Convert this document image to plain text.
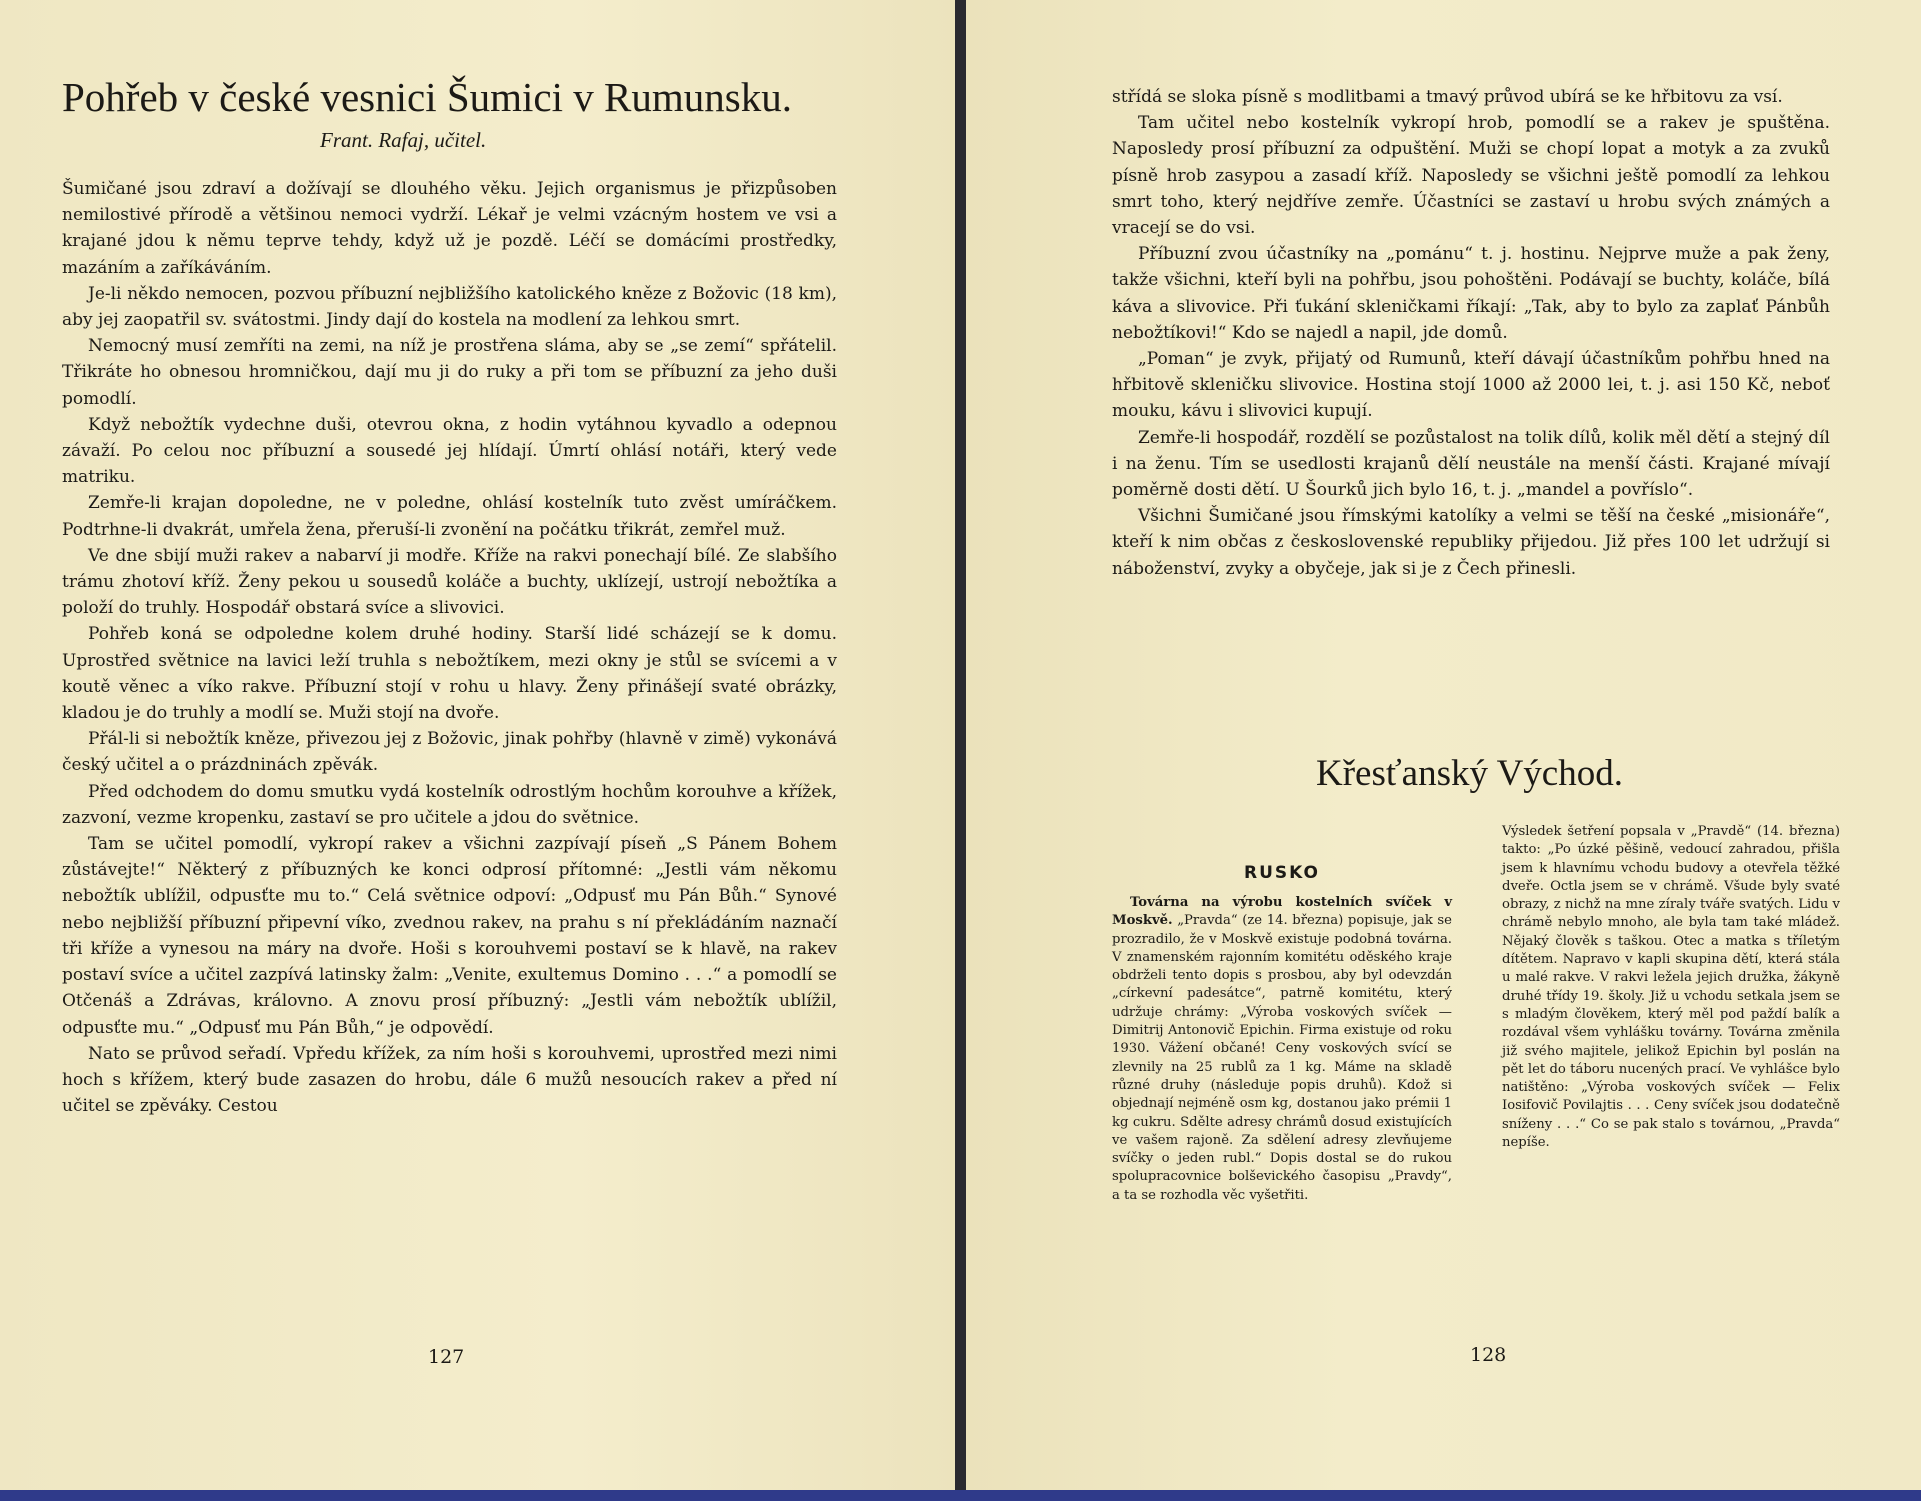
Pohřeb v české vesnici Šumici v Rumunsku.
Frant. Rafaj, učitel.

Šumičané jsou zdraví a dožívají se dlouhého věku. Jejich organismus je přizpůsoben nemilostivé přírodě a většinou nemoci vydrží. Lékař je velmi vzácným hostem ve vsi a krajané jdou k němu teprve tehdy, když už je pozdě. Léčí se domácími prostředky, mazáním a zaříkáváním.

Je-li někdo nemocen, pozvou příbuzní nejbližšího katolického kněze z Božovic (18 km), aby jej zaopatřil sv. svátostmi. Jindy dají do kostela na modlení za lehkou smrt.

Nemocný musí zemříti na zemi, na níž je prostřena sláma, aby se „se zemí“ spřátelil. Třikráte ho obnesou hromničkou, dají mu ji do ruky a při tom se příbuzní za jeho duši pomodlí.

Když nebožtík vydechne duši, otevrou okna, z hodin vytáhnou kyvadlo a odepnou závaží. Po celou noc příbuzní a sousedé jej hlídají. Úmrtí ohlásí notáři, který vede matriku.

Zemře-li krajan dopoledne, ne v poledne, ohlásí kostelník tuto zvěst umíráčkem. Podtrhne-li dvakrát, umřela žena, přeruší-li zvonění na počátku třikrát, zemřel muž.

Ve dne sbijí muži rakev a nabarví ji modře. Kříže na rakvi ponechají bílé. Ze slabšího trámu zhotoví kříž. Ženy pekou u sousedů koláče a buchty, uklízejí, ustrojí nebožtíka a položí do truhly. Hospodář obstará svíce a slivovici.

Pohřeb koná se odpoledne kolem druhé hodiny. Starší lidé scházejí se k domu. Uprostřed světnice na lavici leží truhla s nebožtíkem, mezi okny je stůl se svícemi a v koutě věnec a víko rakve. Příbuzní stojí v rohu u hlavy. Ženy přinášejí svaté obrázky, kladou je do truhly a modlí se. Muži stojí na dvoře.

Přál-li si nebožtík kněze, přivezou jej z Božovic, jinak pohřby (hlavně v zimě) vykonává český učitel a o prázdninách zpěvák.

Před odchodem do domu smutku vydá kostelník odrostlým hochům korouhve a křížek, zazvoní, vezme kropenku, zastaví se pro učitele a jdou do světnice.

Tam se učitel pomodlí, vykropí rakev a všichni zazpívají píseň „S Pánem Bohem zůstávejte!“ Některý z příbuzných ke konci odprosí přítomné: „Jestli vám někomu nebožtík ublížil, odpusťte mu to.“ Celá světnice odpoví: „Odpusť mu Pán Bůh.“ Synové nebo nejbližší příbuzní připevní víko, zvednou rakev, na prahu s ní překládáním naznačí tři kříže a vynesou na máry na dvoře. Hoši s korouhvemi postaví se k hlavě, na rakev postaví svíce a učitel zazpívá latinsky žalm: „Venite, exultemus Domino . . .“ a pomodlí se Otčenáš a Zdrávas, královno. A znovu prosí příbuzný: „Jestli vám nebožtík ublížil, odpusťte mu.“ „Odpusť mu Pán Bůh,“ je odpovědí.

Nato se průvod seřadí. Vpředu křížek, za ním hoši s korouhvemi, uprostřed mezi nimi hoch s křížem, který bude zasazen do hrobu, dále 6 mužů nesoucích rakev a před ní učitel se zpěváky. Cestou

127

střídá se sloka písně s modlitbami a tmavý průvod ubírá se ke hřbitovu za vsí.

Tam učitel nebo kostelník vykropí hrob, pomodlí se a rakev je spuštěna. Naposledy prosí příbuzní za odpuštění. Muži se chopí lopat a motyk a za zvuků písně hrob zasypou a zasadí kříž. Naposledy se všichni ještě pomodlí za lehkou smrt toho, který nejdříve zemře. Účastníci se zastaví u hrobu svých známých a vracejí se do vsi.

Příbuzní zvou účastníky na „pománu“ t. j. hostinu. Nejprve muže a pak ženy, takže všichni, kteří byli na pohřbu, jsou pohoštěni. Podávají se buchty, koláče, bílá káva a slivovice. Při ťukání skleničkami říkají: „Tak, aby to bylo za zaplať Pánbůh nebožtíkovi!“ Kdo se najedl a napil, jde domů.

„Poman“ je zvyk, přijatý od Rumunů, kteří dávají účastníkům pohřbu hned na hřbitově skleničku slivovice. Hostina stojí 1000 až 2000 lei, t. j. asi 150 Kč, neboť mouku, kávu i slivovici kupují.

Zemře-li hospodář, rozdělí se pozůstalost na tolik dílů, kolik měl dětí a stejný díl i na ženu. Tím se usedlosti krajanů dělí neustále na menší části. Krajané mívají poměrně dosti dětí. U Šourků jich bylo 16, t. j. „mandel a povříslo“.

Všichni Šumičané jsou římskými katolíky a velmi se těší na české „misionáře“, kteří k nim občas z československé republiky přijedou. Již přes 100 let udržují si náboženství, zvyky a obyčeje, jak si je z Čech přinesli.

Křesťanský Východ.
RUSKO

Továrna na výrobu kostelních svíček v Moskvě. „Pravda“ (ze 14. března) popisuje, jak se prozradilo, že v Moskvě existuje podobná továrna. V znamenském rajonním komitétu oděského kraje obdrželi tento dopis s prosbou, aby byl odevzdán „církevní padesátce“, patrně komitétu, který udržuje chrámy: „Výroba voskových svíček — Dimitrij Antonovič Epichin. Firma existuje od roku 1930. Vážení občané! Ceny voskových svící se zlevnily na 25 rublů za 1 kg. Máme na skladě různé druhy (následuje popis druhů). Kdož si objednají nejméně osm kg, dostanou jako prémii 1 kg cukru. Sdělte adresy chrámů dosud existujících ve vašem rajoně. Za sdělení adresy zlevňujeme svíčky o jeden rubl.“ Dopis dostal se do rukou spolupracovnice bolševického časopisu „Pravdy“, a ta se rozhodla věc vyšetřiti.

Výsledek šetření popsala v „Pravdě“ (14. března) takto: „Po úzké pěšině, vedoucí zahradou, přišla jsem k hlavnímu vchodu budovy a otevřela těžké dveře. Octla jsem se v chrámě. Všude byly svaté obrazy, z nichž na mne zíraly tváře svatých. Lidu v chrámě nebylo mnoho, ale byla tam také mládež. Nějaký člověk s taškou. Otec a matka s tříletým dítětem. Napravo v kapli skupina dětí, která stála u malé rakve. V rakvi ležela jejich družka, žákyně druhé třídy 19. školy. Již u vchodu setkala jsem se s mladým člověkem, který měl pod paždí balík a rozdával všem vyhlášku továrny. Továrna změnila již svého majitele, jelikož Epichin byl poslán na pět let do táboru nucených prací. Ve vyhlášce bylo natištěno: „Výroba voskových svíček — Felix Iosifovič Povilajtis . . . Ceny svíček jsou dodatečně sníženy . . .“ Co se pak stalo s továrnou, „Pravda“ nepíše.

128
